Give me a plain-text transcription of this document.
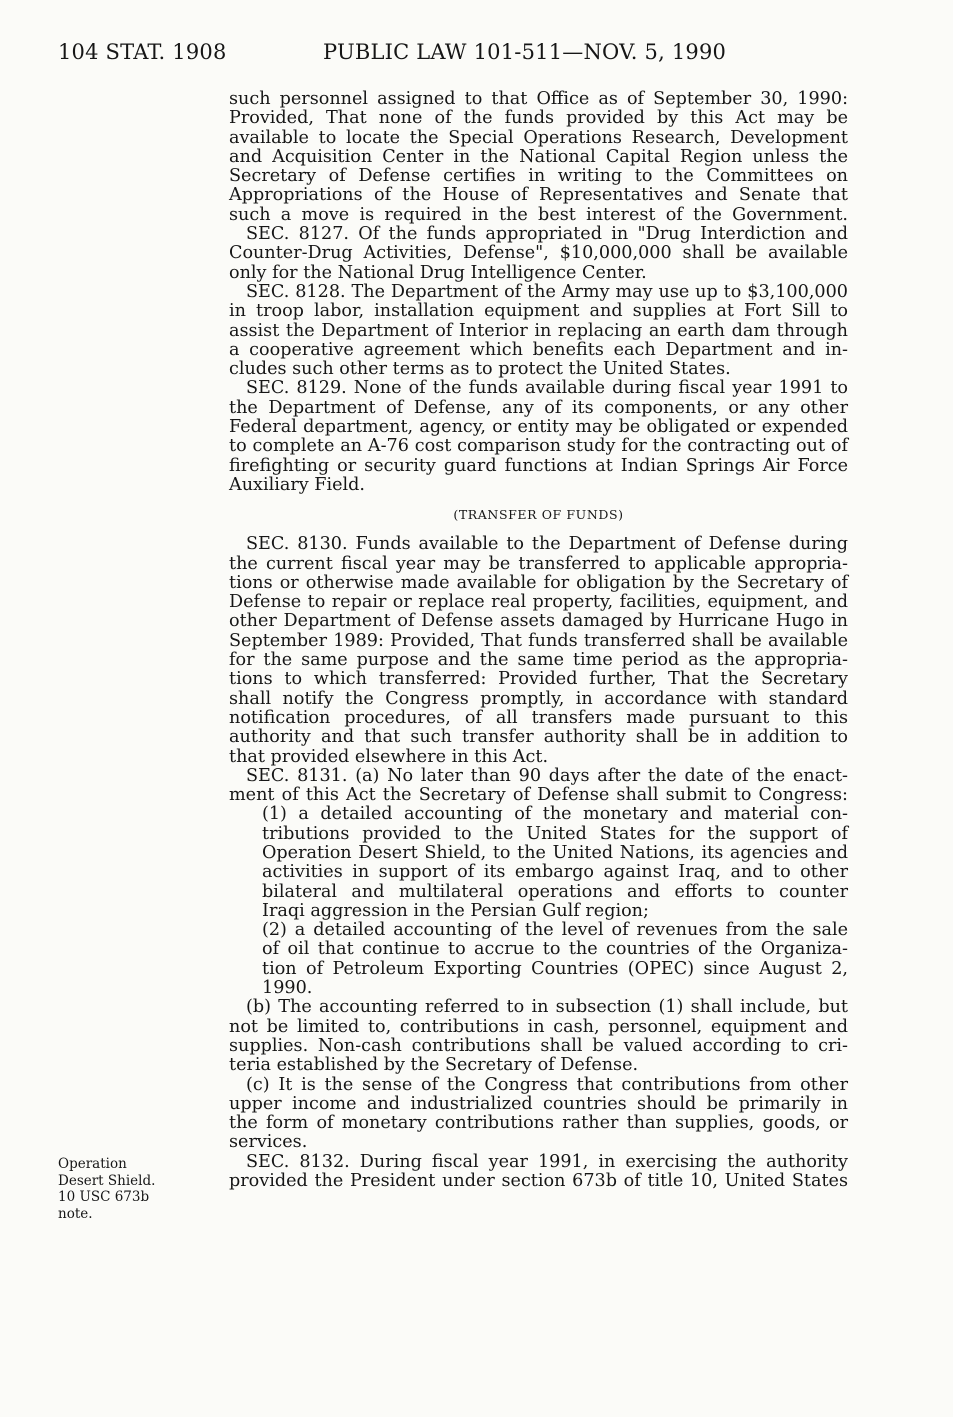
104 STAT. 1908	PUBLIC LAW 101-511—NOV. 5, 1990
such personnel assigned to that Office as of September 30, 1990:
Provided, That none of the funds provided by this Act may be
available to locate the Special Operations Research, Development
and Acquisition Center in the National Capital Region unless the
Secretary of Defense certifies in writing to the Committees on
Appropriations of the House of Representatives and Senate that
such a move is required in the best interest of the Government.
SEC. 8127. Of the funds appropriated in "Drug Interdiction and
Counter-Drug Activities, Defense", $10,000,000 shall be available
only for the National Drug Intelligence Center.
SEC. 8128. The Department of the Army may use up to $3,100,000
in troop labor, installation equipment and supplies at Fort Sill to
assist the Department of Interior in replacing an earth dam through
a cooperative agreement which benefits each Department and in-
cludes such other terms as to protect the United States.
SEC. 8129. None of the funds available during fiscal year 1991 to
the Department of Defense, any of its components, or any other
Federal department, agency, or entity may be obligated or expended
to complete an A-76 cost comparison study for the contracting out of
firefighting or security guard functions at Indian Springs Air Force
Auxiliary Field.
(TRANSFER OF FUNDS)
SEC. 8130. Funds available to the Department of Defense during
the current fiscal year may be transferred to applicable appropria-
tions or otherwise made available for obligation by the Secretary of
Defense to repair or replace real property, facilities, equipment, and
other Department of Defense assets damaged by Hurricane Hugo in
September 1989: Provided, That funds transferred shall be available
for the same purpose and the same time period as the appropria-
tions to which transferred: Provided further, That the Secretary
shall notify the Congress promptly, in accordance with standard
notification procedures, of all transfers made pursuant to this
authority and that such transfer authority shall be in addition to
that provided elsewhere in this Act.
SEC. 8131. (a) No later than 90 days after the date of the enact-
ment of this Act the Secretary of Defense shall submit to Congress:
(1) a detailed accounting of the monetary and material con-
tributions provided to the United States for the support of
Operation Desert Shield, to the United Nations, its agencies and
activities in support of its embargo against Iraq, and to other
bilateral and multilateral operations and efforts to counter
Iraqi aggression in the Persian Gulf region;
(2) a detailed accounting of the level of revenues from the sale
of oil that continue to accrue to the countries of the Organiza-
tion of Petroleum Exporting Countries (OPEC) since August 2,
1990.
(b) The accounting referred to in subsection (1) shall include, but
not be limited to, contributions in cash, personnel, equipment and
supplies. Non-cash contributions shall be valued according to cri-
teria established by the Secretary of Defense.
(c) It is the sense of the Congress that contributions from other
upper income and industrialized countries should be primarily in
the form of monetary contributions rather than supplies, goods, or
services.
SEC. 8132. During fiscal year 1991, in exercising the authority
provided the President under section 673b of title 10, United States
Operation
Desert Shield.
10 USC 673b
note.
